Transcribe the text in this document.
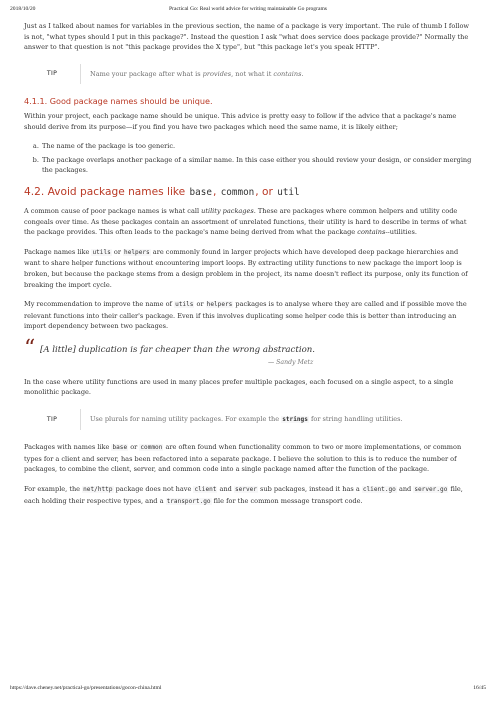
2018/10/20	Practical Go: Real world advice for writing maintainable Go programs

Just as I talked about names for variables in the previous section, the name of a package is very important. The rule of thumb I follow is not, "what types should I put in this package?". Instead the question I ask "what does service does package provide?" Normally the answer to that question is not "this package provides the X type", but "this package let's you speak HTTP".

TIP	Name your package after what is provides, not what it contains.
4.1.1. Good package names should be unique.

Within your project, each package name should be unique. This advice is pretty easy to follow if the advice that a package's name should derive from its purpose—if you find you have two packages which need the same name, it is likely either;

a. The name of the package is too generic.
b. The package overlaps another package of a similar name. In this case either you should review your design, or consider merging the packages.
4.2. Avoid package names like base, common, or util

A common cause of poor package names is what call utility packages. These are packages where common helpers and utility code congeals over time. As these packages contain an assortment of unrelated functions, their utility is hard to describe in terms of what the package provides. This often leads to the package's name being derived from what the package contains--utilities.

Package names like utils or helpers are commonly found in larger projects which have developed deep package hierarchies and want to share helper functions without encountering import loops. By extracting utility functions to new package the import loop is broken, but because the package stems from a design problem in the project, its name doesn't reflect its purpose, only its function of breaking the import cycle.

My recommendation to improve the name of utils or helpers packages is to analyse where they are called and if possible move the relevant functions into their caller's package. Even if this involves duplicating some helper code this is better than introducing an import dependency between two packages.

“ [A little] duplication is far cheaper than the wrong abstraction.
— Sandy Metz

In the case where utility functions are used in many places prefer multiple packages, each focused on a single aspect, to a single monolithic package.

TIP	Use plurals for naming utility packages. For example the strings for string handling utilities.

Packages with names like base or common are often found when functionality common to two or more implementations, or common types for a client and server, has been refactored into a separate package. I believe the solution to this is to reduce the number of packages, to combine the client, server, and common code into a single package named after the function of the package.

For example, the net/http package does not have client and server sub packages, instead it has a client.go and server.go file, each holding their respective types, and a transport.go file for the common message transport code.

https://dave.cheney.net/practical-go/presentations/gocon-china.html	16/45
